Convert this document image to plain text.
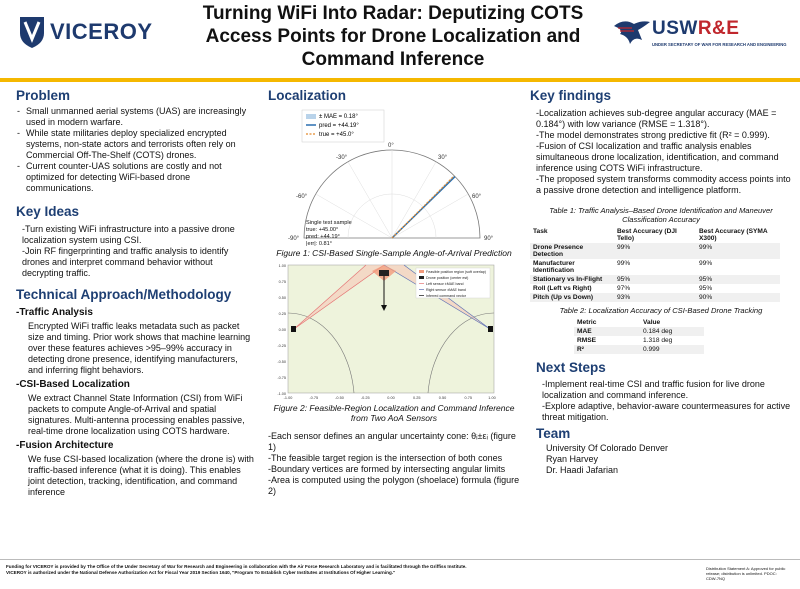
VICEROY
Turning WiFi Into Radar: Deputizing COTS Access Points for Drone Localization and Command Inference
USWR&E
UNDER SECRETARY OF WAR FOR RESEARCH AND ENGINEERING
Problem
- Small unmanned aerial systems (UAS) are increasingly used in modern warfare.
- While state militaries deploy specialized encrypted systems, non-state actors and terrorists often rely on Commercial Off-The-Shelf (COTS) drones.
- Current counter-UAS solutions are costly and not optimized for detecting WiFi-based drone communications.
Key Ideas

-Turn existing WiFi infrastructure into a passive drone localization system using CSI.

-Join RF fingerprinting and traffic analysis to identify drones and interpret command behavior without decrypting traffic.

Technical Approach/Methodology
-Traffic Analysis

Encrypted WiFi traffic leaks metadata such as packet size and timing. Prior work shows that machine learning over these features achieves >95–99% accuracy in detecting drone presence, identifying manufacturers, and inferring flight behaviors.

-CSI-Based Localization

We extract Channel State Information (CSI) from WiFi packets to compute Angle-of-Arrival and spatial signatures. Multi-antenna processing enables passive, real-time drone localization using COTS hardware.

-Fusion Architecture

We fuse CSI-based localization (where the drone is) with traffic-based inference (what it is doing). This enables joint detection, tracking, identification, and command inference

Localization
± MAE = 0.18°
pred = +44.19°
true = +45.0°
-90°
-60°
-30°
0°
30°
60°
90°
Single test sample
true: +45.00°
pred: +44.19°
|err|: 0.81°
Figure 1: CSI-Based Single-Sample Angle-of-Arrival Prediction
Feasible position region (soft overlap)
Drone position (center est)
Left sensor ±MAE band
Right sensor ±MAE band
Inferred command vector
1.00
0.75
0.50
0.25
0.00
-0.25
-0.50
-0.75
-1.00
-1.00	-0.75	-0.50	-0.25	0.00	0.25	0.50	0.75	1.00
Figure 2: Feasible-Region Localization and Command Inference from Two AoA Sensors

-Each sensor defines an angular uncertainty cone: θᵢ±εᵢ (figure 1)

-The feasible target region is the intersection of both cones

-Boundary vertices are formed by intersecting angular limits

-Area is computed using the polygon (shoelace) formula (figure 2)

Key findings

-Localization achieves sub-degree angular accuracy (MAE = 0.184°) with low variance (RMSE = 1.318°).

-The model demonstrates strong predictive fit (R² = 0.999).

-Fusion of CSI localization and traffic analysis enables simultaneous drone localization, identification, and command inference using COTS WiFi infrastructure.

-The proposed system transforms commodity access points into a passive drone detection and intelligence platform.

Table 1: Traffic Analysis–Based Drone Identification and Maneuver Classification Accuracy
Task	Best Accuracy (DJI Tello)	Best Accuracy (SYMA X300)
Drone Presence Detection	99%	99%
Manufacturer Identification	99%	99%
Stationary vs In-Flight	95%	95%
Roll (Left vs Right)	97%	95%
Pitch (Up vs Down)	93%	90%
Table 2: Localization Accuracy of CSI-Based Drone Tracking
Metric	Value
MAE	0.184 deg
RMSE	1.318 deg
R²	0.999
Next Steps

-Implement real-time CSI and traffic fusion for live drone localization and command inference.

-Explore adaptive, behavior-aware countermeasures for active threat mitigation.

Team

University Of Colorado Denver

Ryan Harvey

Dr. Haadi Jafarian

Funding for VICEROY is provided by The Office of the Under Secretary of War for Research and Engineering in collaboration with the Air Force Research Laboratory and is facilitated through the Griffiss Institute.
VICEROY is authorized under the National Defense Authorization Act for Fiscal Year 2019 Section 1640, "Program To Establish Cyber Institutes at Institutions Of Higher Learning."
Distribution Statement A: Approved for public release; distribution is unlimited. PDOC: CDW-7NQ
